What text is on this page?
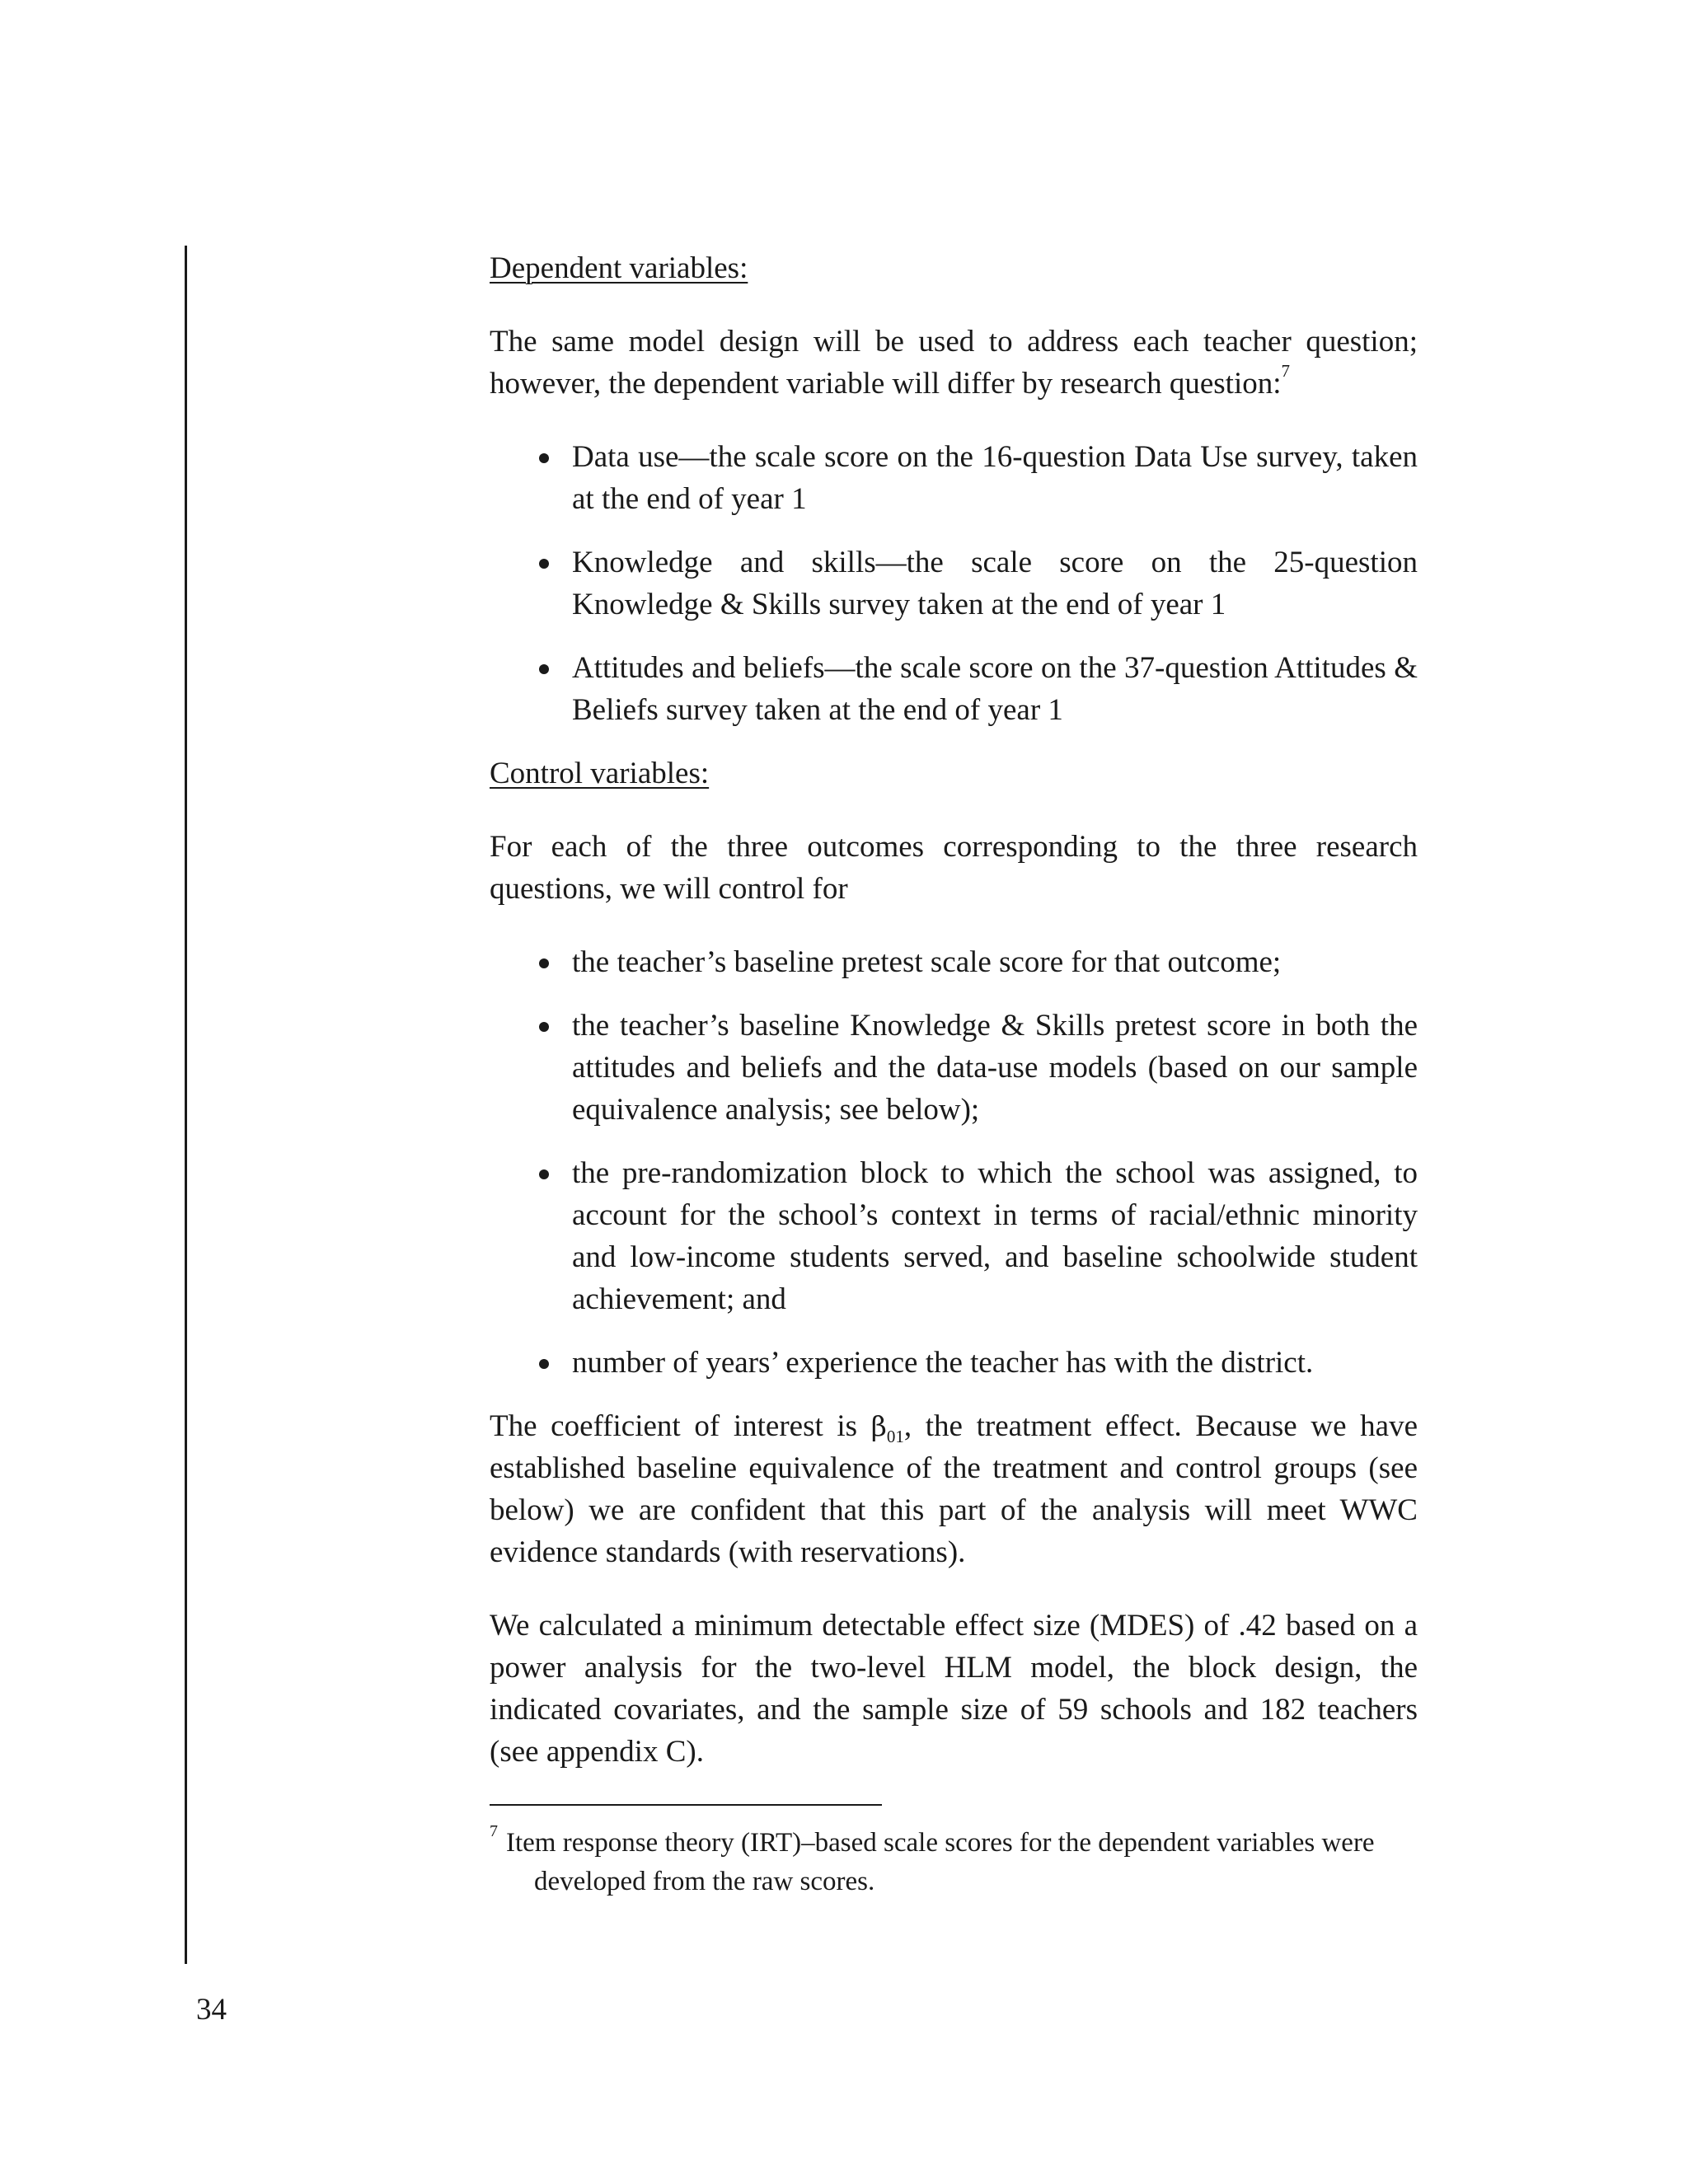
Dependent variables:
The same model design will be used to address each teacher question; however, the dependent variable will differ by research question:$^7$
Data use—the scale score on the 16-question Data Use survey, taken at the end of year 1
Knowledge and skills—the scale score on the 25-question Knowledge & Skills survey taken at the end of year 1
Attitudes and beliefs—the scale score on the 37-question Attitudes & Beliefs survey taken at the end of year 1
Control variables:
For each of the three outcomes corresponding to the three research questions, we will control for
the teacher’s baseline pretest scale score for that outcome;
the teacher’s baseline Knowledge & Skills pretest score in both the attitudes and beliefs and the data-use models (based on our sample equivalence analysis; see below);
the pre-randomization block to which the school was assigned, to account for the school’s context in terms of racial/ethnic minority and low-income students served, and baseline schoolwide student achievement; and
number of years’ experience the teacher has with the district.
The coefficient of interest is $\beta_{01}$, the treatment effect. Because we have established baseline equivalence of the treatment and control groups (see below) we are confident that this part of the analysis will meet WWC evidence standards (with reservations).
We calculated a minimum detectable effect size (MDES) of .42 based on a power analysis for the two-level HLM model, the block design, the indicated covariates, and the sample size of 59 schools and 182 teachers (see appendix C).
$^7$ Item response theory (IRT)–based scale scores for the dependent variables were developed from the raw scores.
34
